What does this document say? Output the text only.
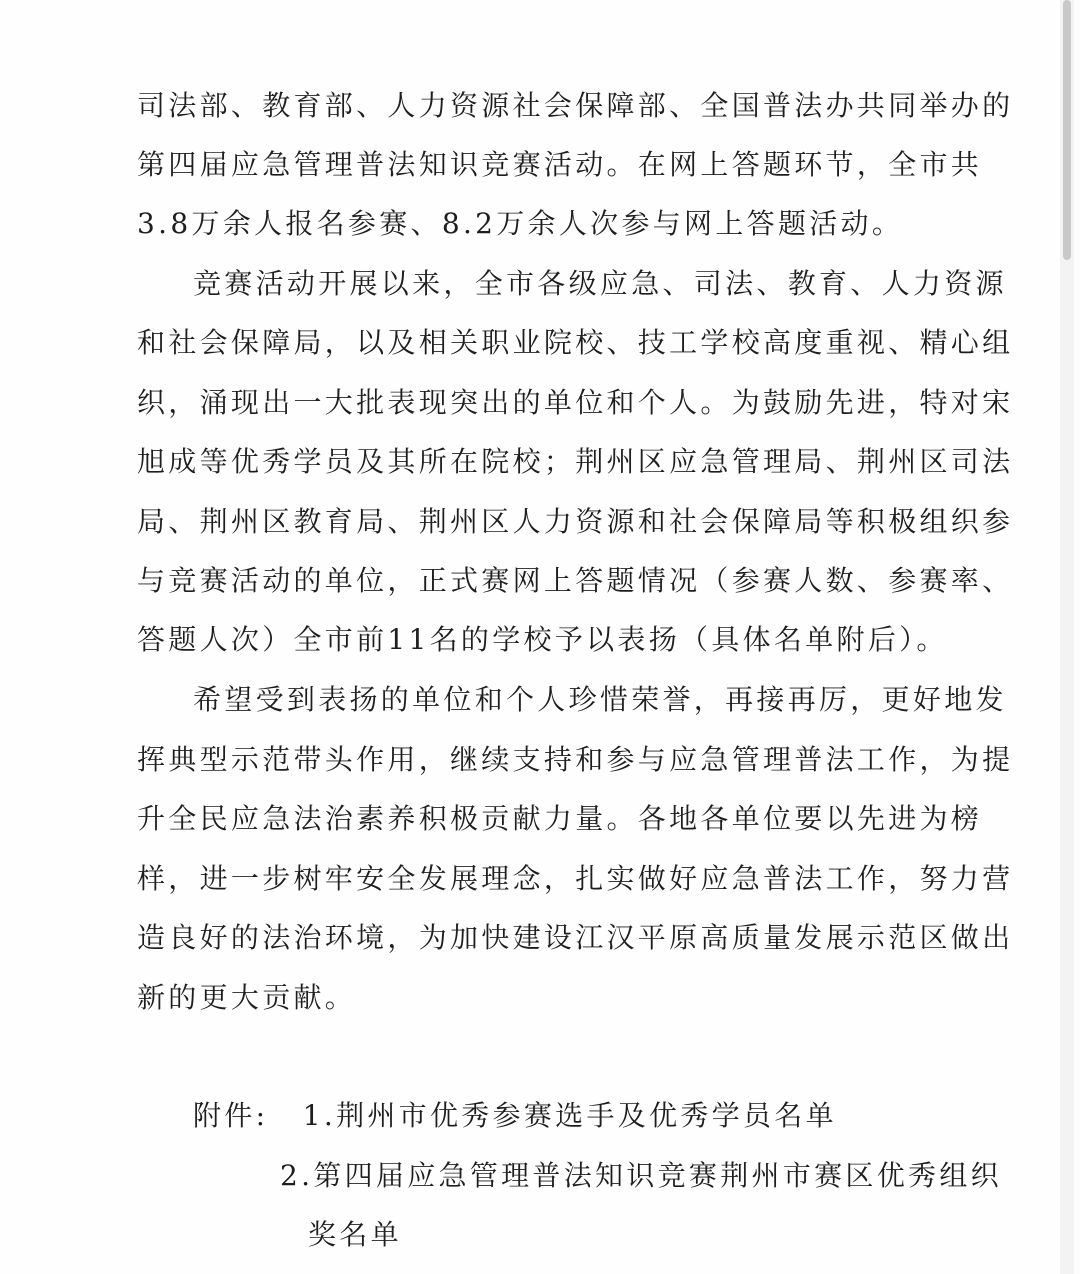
司法部、教育部、人力资源社会保障部、全国普法办共同举办的
第四届应急管理普法知识竞赛活动。在网上答题环节，全市共
3.8万余人报名参赛、8.2万余人次参与网上答题活动。
竞赛活动开展以来，全市各级应急、司法、教育、人力资源
和社会保障局，以及相关职业院校、技工学校高度重视、精心组
织，涌现出一大批表现突出的单位和个人。为鼓励先进，特对宋
旭成等优秀学员及其所在院校；荆州区应急管理局、荆州区司法
局、荆州区教育局、荆州区人力资源和社会保障局等积极组织参
与竞赛活动的单位，正式赛网上答题情况（参赛人数、参赛率、
答题人次）全市前11名的学校予以表扬（具体名单附后）。
希望受到表扬的单位和个人珍惜荣誉，再接再厉，更好地发
挥典型示范带头作用，继续支持和参与应急管理普法工作，为提
升全民应急法治素养积极贡献力量。各地各单位要以先进为榜
样，进一步树牢安全发展理念，扎实做好应急普法工作，努力营
造良好的法治环境，为加快建设江汉平原高质量发展示范区做出
新的更大贡献。
附件: 1.荆州市优秀参赛选手及优秀学员名单
2.第四届应急管理普法知识竞赛荆州市赛区优秀组织
奖名单
